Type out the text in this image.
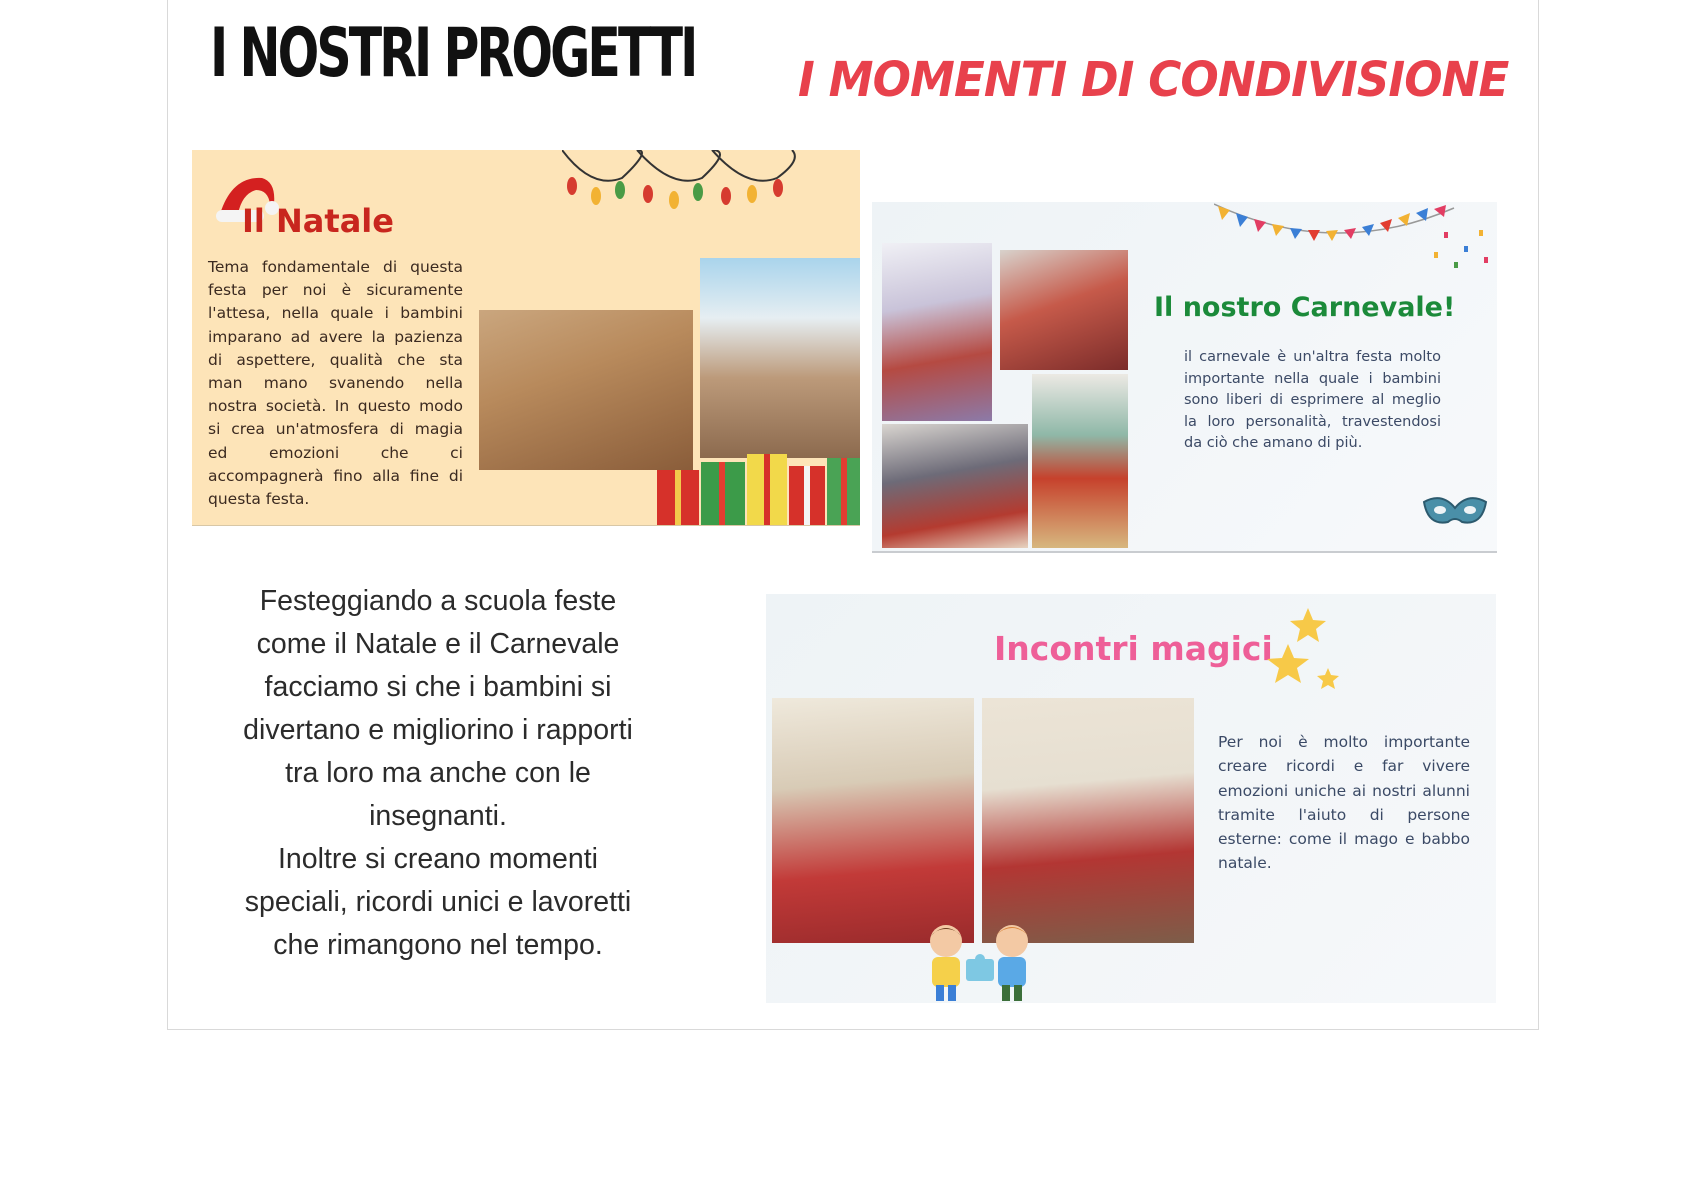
I NOSTRI PROGETTI I MOMENTI DI CONDIVISIONE
Il Natale
Tema fondamentale di questa festa per noi è sicuramente l'attesa, nella quale i bambini imparano ad avere la pazienza di aspettere, qualità che sta man mano svanendo nella nostra società. In questo modo si crea un'atmosfera di magia ed emozioni che ci accompagnerà fino alla fine di questa festa.
Il nostro Carnevale!
il carnevale è un'altra festa molto importante nella quale i bambini sono liberi di esprimere al meglio la loro personalità, travestendosi da ciò che amano di più.
Festeggiando a scuola feste
come il Natale e il Carnevale
facciamo si che i bambini si
divertano e migliorino i rapporti
tra loro ma anche con le
insegnanti.
Inoltre si creano momenti
speciali, ricordi unici e lavoretti
che rimangono nel tempo.
Incontri magici
Per noi è molto importante creare ricordi e far vivere emozioni uniche ai nostri alunni tramite l'aiuto di persone esterne: come il mago e babbo natale.
